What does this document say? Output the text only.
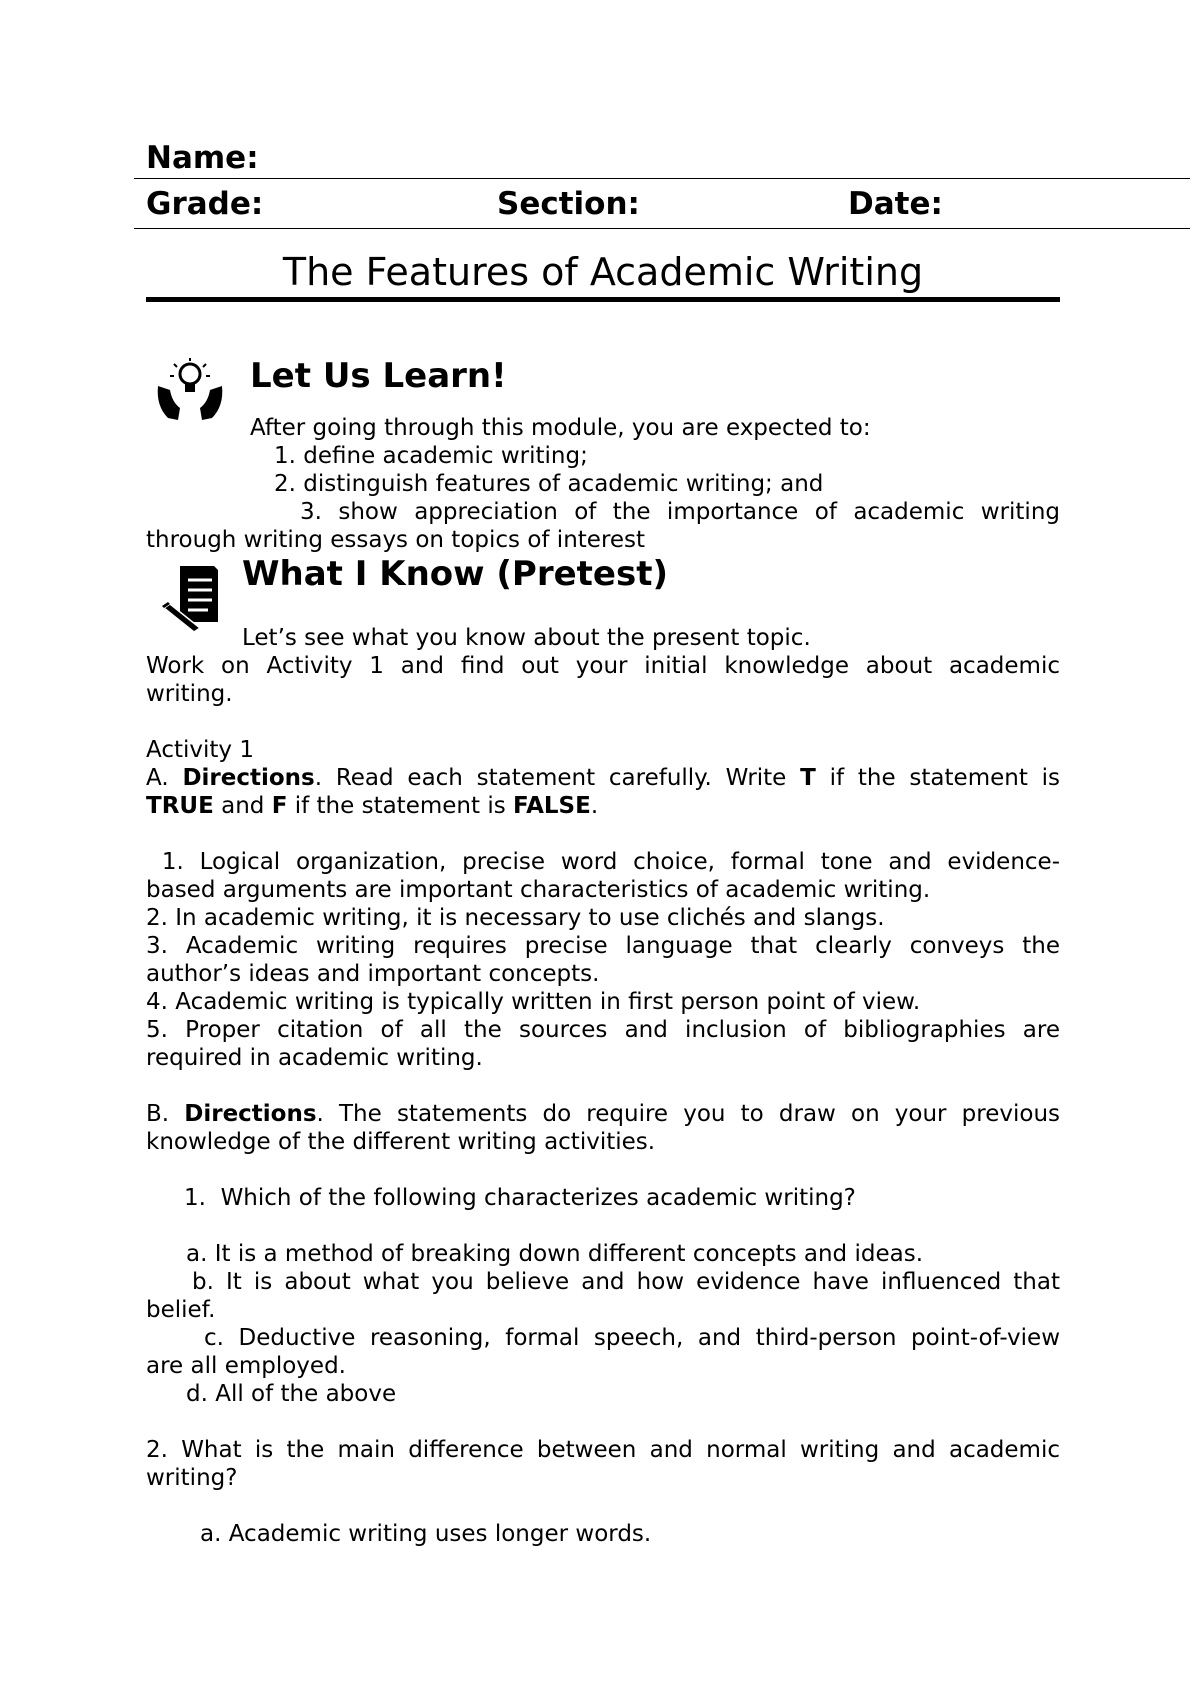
Name:
Grade:	Section:	Date:
The Features of Academic Writing
Let Us Learn!
After going through this module, you are expected to:
1. define academic writing;
2. distinguish features of academic writing; and
3. show appreciation of the importance of academic writing
through writing essays on topics of interest
What I Know (Pretest)
Let’s see what you know about the present topic.
Work on Activity 1 and find out your initial knowledge about academic
writing.
Activity 1
A. Directions. Read each statement carefully. Write T if the statement is
TRUE and F if the statement is FALSE.
1. Logical organization, precise word choice, formal tone and evidence-
based arguments are important characteristics of academic writing.
2. In academic writing, it is necessary to use clichés and slangs.
3. Academic writing requires precise language that clearly conveys the
author’s ideas and important concepts.
4. Academic writing is typically written in first person point of view.
5. Proper citation of all the sources and inclusion of bibliographies are
required in academic writing.
B. Directions. The statements do require you to draw on your previous
knowledge of the different writing activities.
1.  Which of the following characterizes academic writing?
a. It is a method of breaking down different concepts and ideas.
b. It is about what you believe and how evidence have influenced that
belief.
c. Deductive reasoning, formal speech, and third-person point-of-view
are all employed.
d. All of the above
2. What is the main difference between and normal writing and academic
writing?
a. Academic writing uses longer words.
